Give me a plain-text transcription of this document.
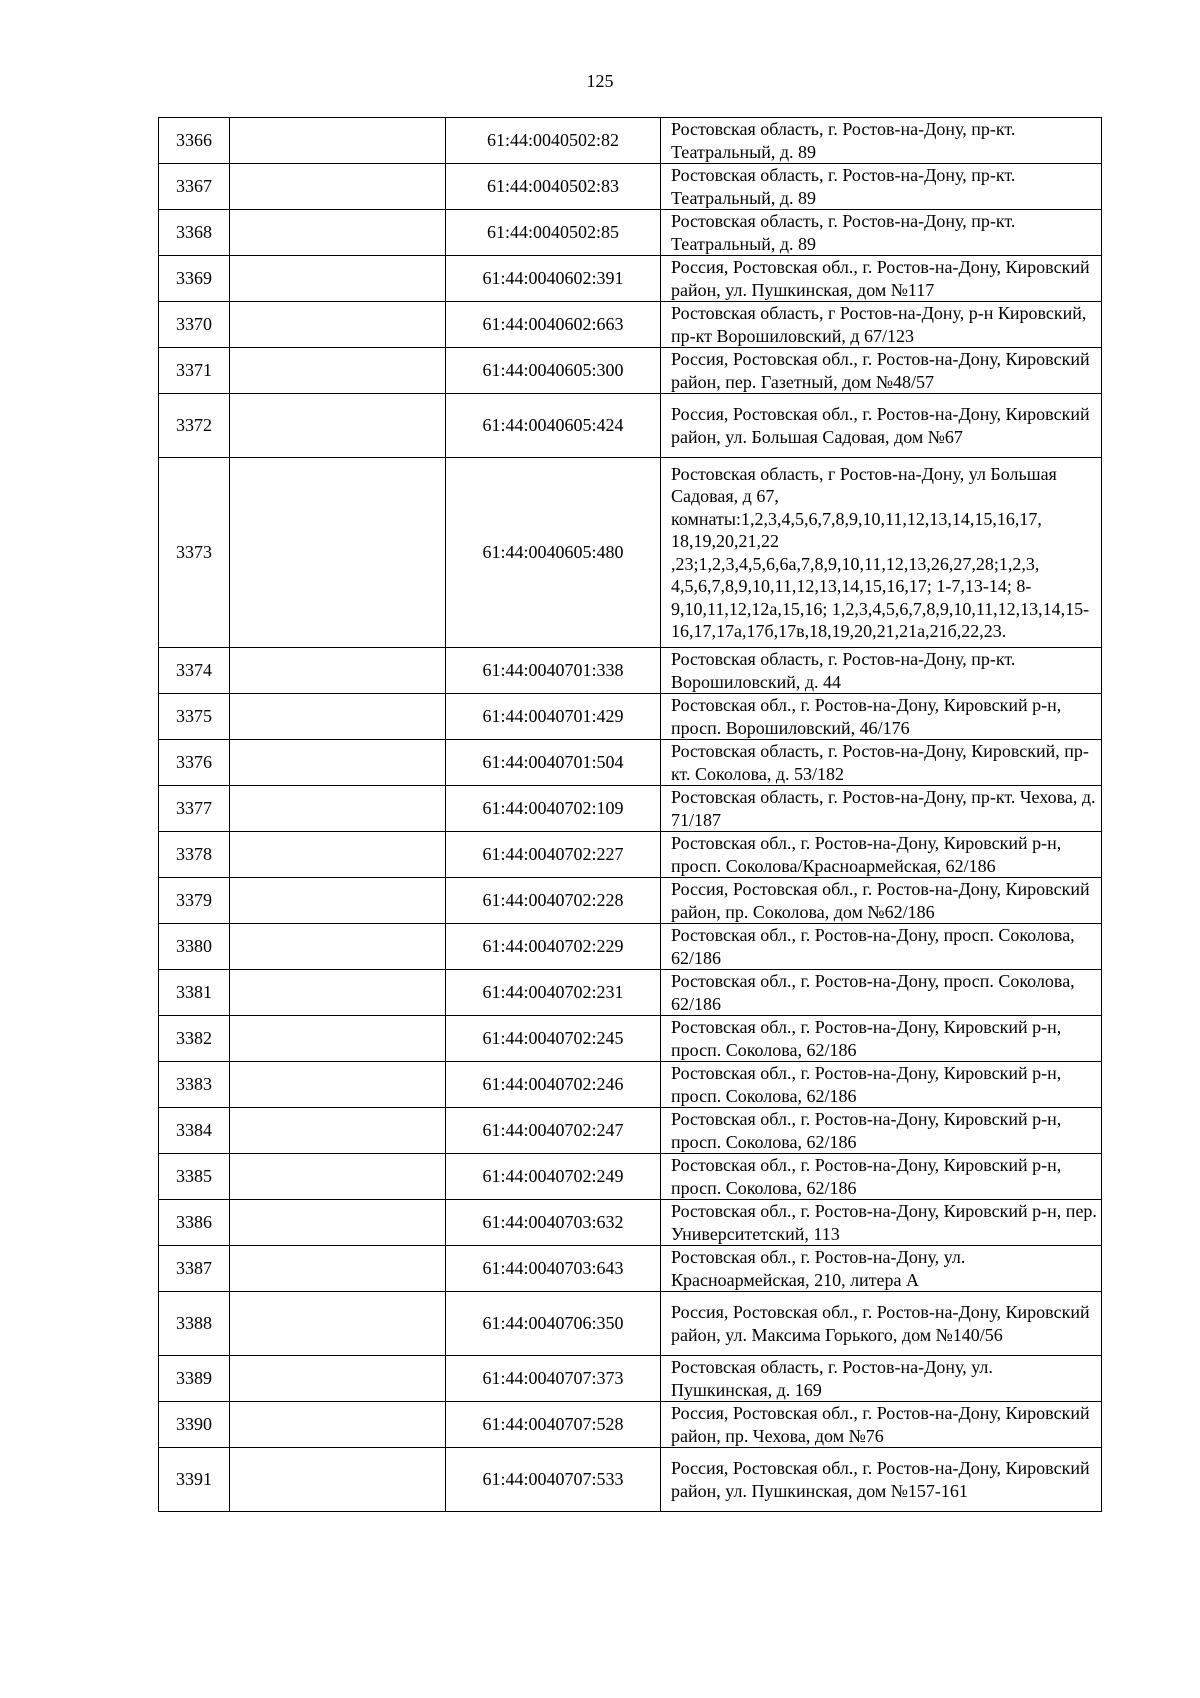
125
3366		61:44:0040502:82	Ростовская область, г. Ростов-на-Дону, пр-кт. Театральный, д. 89
3367		61:44:0040502:83	Ростовская область, г. Ростов-на-Дону, пр-кт. Театральный, д. 89
3368		61:44:0040502:85	Ростовская область, г. Ростов-на-Дону, пр-кт. Театральный, д. 89
3369		61:44:0040602:391	Россия, Ростовская обл., г. Ростов-на-Дону, Кировский район, ул. Пушкинская, дом №117
3370		61:44:0040602:663	Ростовская область, г Ростов-на-Дону, р-н Кировский, пр-кт Ворошиловский, д 67/123
3371		61:44:0040605:300	Россия, Ростовская обл., г. Ростов-на-Дону, Кировский район, пер. Газетный, дом №48/57
3372		61:44:0040605:424	Россия, Ростовская обл., г. Ростов-на-Дону, Кировский район, ул. Большая Садовая, дом №67
3373		61:44:0040605:480	Ростовская область, г Ростов-на-Дону, ул Большая Садовая, д 67, комнаты:1,2,3,4,5,6,7,8,9,10,11,12,13,14,15,16,17, 18,19,20,21,22 ,23;1,2,3,4,5,6,6а,7,8,9,10,11,12,13,26,27,28;1,2,3, 4,5,6,7,8,9,10,11,12,13,14,15,16,17; 1-7,13-14; 8- 9,10,11,12,12а,15,16; 1,2,3,4,5,6,7,8,9,10,11,12,13,14,15- 16,17,17а,17б,17в,18,19,20,21,21а,21б,22,23.
3374		61:44:0040701:338	Ростовская область, г. Ростов-на-Дону, пр-кт. Ворошиловский, д. 44
3375		61:44:0040701:429	Ростовская обл., г. Ростов-на-Дону, Кировский р-н, просп. Ворошиловский, 46/176
3376		61:44:0040701:504	Ростовская область, г. Ростов-на-Дону, Кировский, пр-кт. Соколова, д. 53/182
3377		61:44:0040702:109	Ростовская область, г. Ростов-на-Дону, пр-кт. Чехова, д. 71/187
3378		61:44:0040702:227	Ростовская обл., г. Ростов-на-Дону, Кировский р-н, просп. Соколова/Красноармейская, 62/186
3379		61:44:0040702:228	Россия, Ростовская обл., г. Ростов-на-Дону, Кировский район, пр. Соколова, дом №62/186
3380		61:44:0040702:229	Ростовская обл., г. Ростов-на-Дону, просп. Соколова, 62/186
3381		61:44:0040702:231	Ростовская обл., г. Ростов-на-Дону, просп. Соколова, 62/186
3382		61:44:0040702:245	Ростовская обл., г. Ростов-на-Дону, Кировский р-н, просп. Соколова, 62/186
3383		61:44:0040702:246	Ростовская обл., г. Ростов-на-Дону, Кировский р-н, просп. Соколова, 62/186
3384		61:44:0040702:247	Ростовская обл., г. Ростов-на-Дону, Кировский р-н, просп. Соколова, 62/186
3385		61:44:0040702:249	Ростовская обл., г. Ростов-на-Дону, Кировский р-н, просп. Соколова, 62/186
3386		61:44:0040703:632	Ростовская обл., г. Ростов-на-Дону, Кировский р-н, пер. Университетский, 113
3387		61:44:0040703:643	Ростовская обл., г. Ростов-на-Дону, ул. Красноармейская, 210, литера А
3388		61:44:0040706:350	Россия, Ростовская обл., г. Ростов-на-Дону, Кировский район, ул. Максима Горького, дом №140/56
3389		61:44:0040707:373	Ростовская область, г. Ростов-на-Дону, ул. Пушкинская, д. 169
3390		61:44:0040707:528	Россия, Ростовская обл., г. Ростов-на-Дону, Кировский район, пр. Чехова, дом №76
3391		61:44:0040707:533	Россия, Ростовская обл., г. Ростов-на-Дону, Кировский район, ул. Пушкинская, дом №157-161
